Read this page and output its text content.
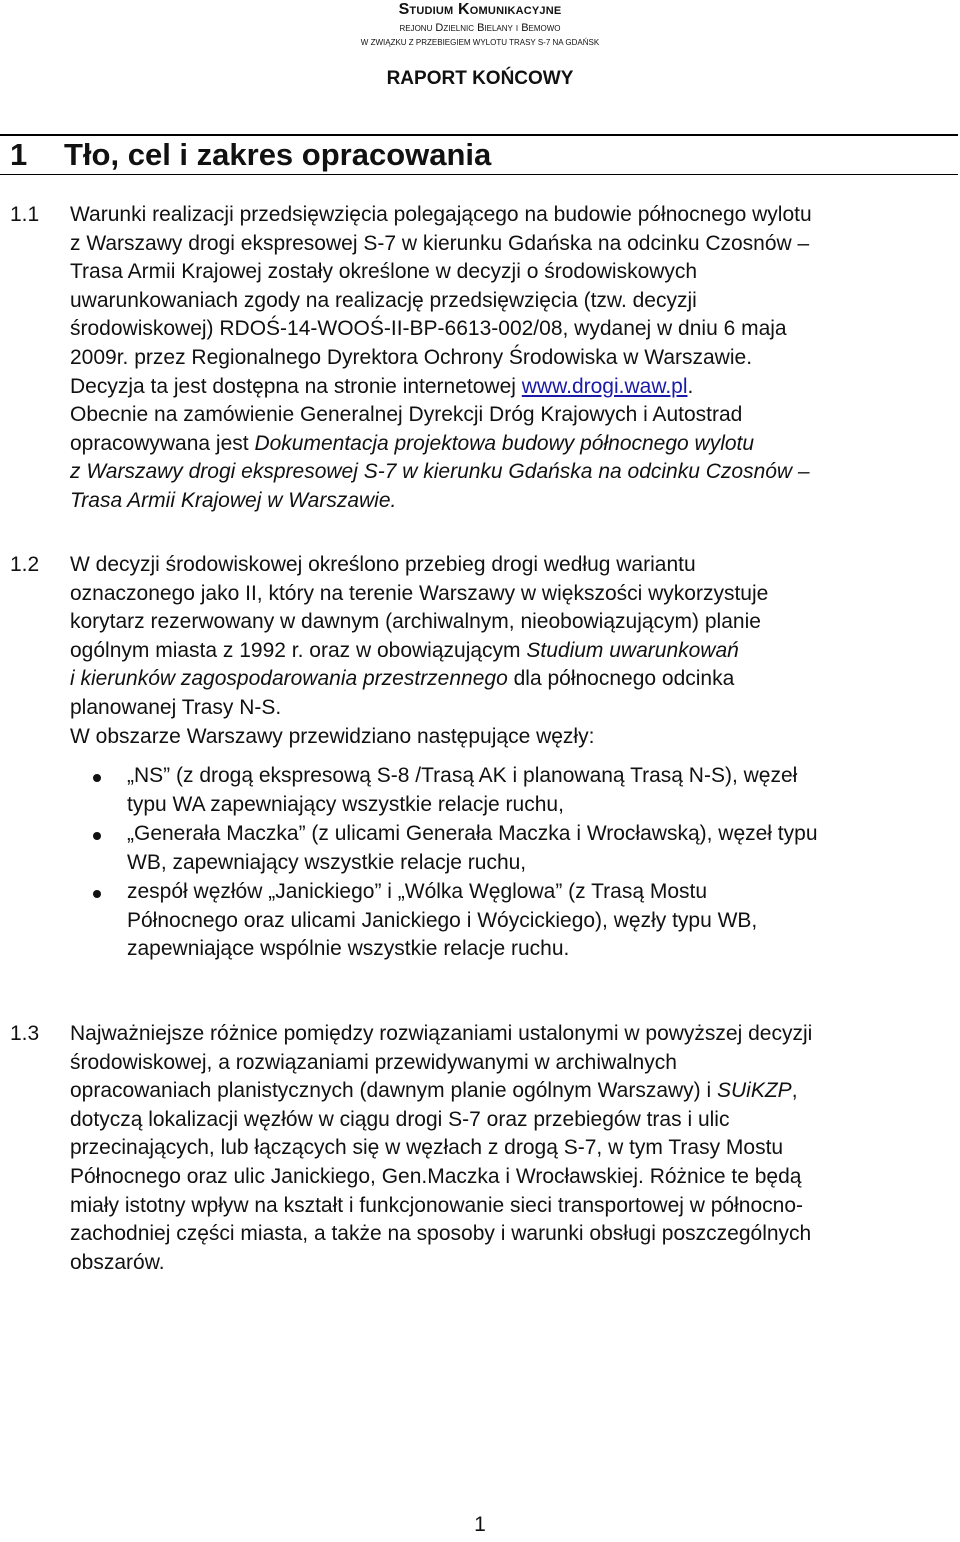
Studium Komunikacyjne
rejonu Dzielnic Bielany i Bemowo
W ZWIĄZKU Z PRZEBIEGIEM WYLOTU TRASY S-7 NA GDAŃSK
RAPORT KOŃCOWY
1 Tło, cel i zakres opracowania
1.1 Warunki realizacji przedsięwzięcia polegającego na budowie północnego wylotu
z Warszawy drogi ekspresowej S-7 w kierunku Gdańska na odcinku Czosnów –
Trasa Armii Krajowej zostały określone w decyzji o środowiskowych
uwarunkowaniach zgody na realizację przedsięwzięcia (tzw. decyzji
środowiskowej) RDOŚ-14-WOOŚ-II-BP-6613-002/08, wydanej w dniu 6 maja
2009r. przez Regionalnego Dyrektora Ochrony Środowiska w Warszawie.
Decyzja ta jest dostępna na stronie internetowej www.drogi.waw.pl.
Obecnie na zamówienie Generalnej Dyrekcji Dróg Krajowych i Autostrad
opracowywana jest Dokumentacja projektowa budowy północnego wylotu
z Warszawy drogi ekspresowej S-7 w kierunku Gdańska na odcinku Czosnów –
Trasa Armii Krajowej w Warszawie.
1.2 W decyzji środowiskowej określono przebieg drogi według wariantu
oznaczonego jako II, który na terenie Warszawy w większości wykorzystuje
korytarz rezerwowany w dawnym (archiwalnym, nieobowiązującym) planie
ogólnym miasta z 1992 r. oraz w obowiązującym Studium uwarunkowań
i kierunków zagospodarowania przestrzennego dla północnego odcinka
planowanej Trasy N-S.
W obszarze Warszawy przewidziano następujące węzły:
„NS” (z drogą ekspresową S-8 /Trasą AK i planowaną Trasą N-S), węzeł
typu WA zapewniający wszystkie relacje ruchu,
„Generała Maczka” (z ulicami Generała Maczka i Wrocławską), węzeł typu
WB, zapewniający wszystkie relacje ruchu,
zespół węzłów „Janickiego” i „Wólka Węglowa” (z Trasą Mostu
Północnego oraz ulicami Janickiego i Wóycickiego), węzły typu WB,
zapewniające wspólnie wszystkie relacje ruchu.
1.3 Najważniejsze różnice pomiędzy rozwiązaniami ustalonymi w powyższej decyzji
środowiskowej, a rozwiązaniami przewidywanymi w archiwalnych
opracowaniach planistycznych (dawnym planie ogólnym Warszawy) i SUiKZP,
dotyczą lokalizacji węzłów w ciągu drogi S-7 oraz przebiegów tras i ulic
przecinających, lub łączących się w węzłach z drogą S-7, w tym Trasy Mostu
Północnego oraz ulic Janickiego, Gen.Maczka i Wrocławskiej. Różnice te będą
miały istotny wpływ na kształt i funkcjonowanie sieci transportowej w północno-
zachodniej części miasta, a także na sposoby i warunki obsługi poszczególnych
obszarów.
1
